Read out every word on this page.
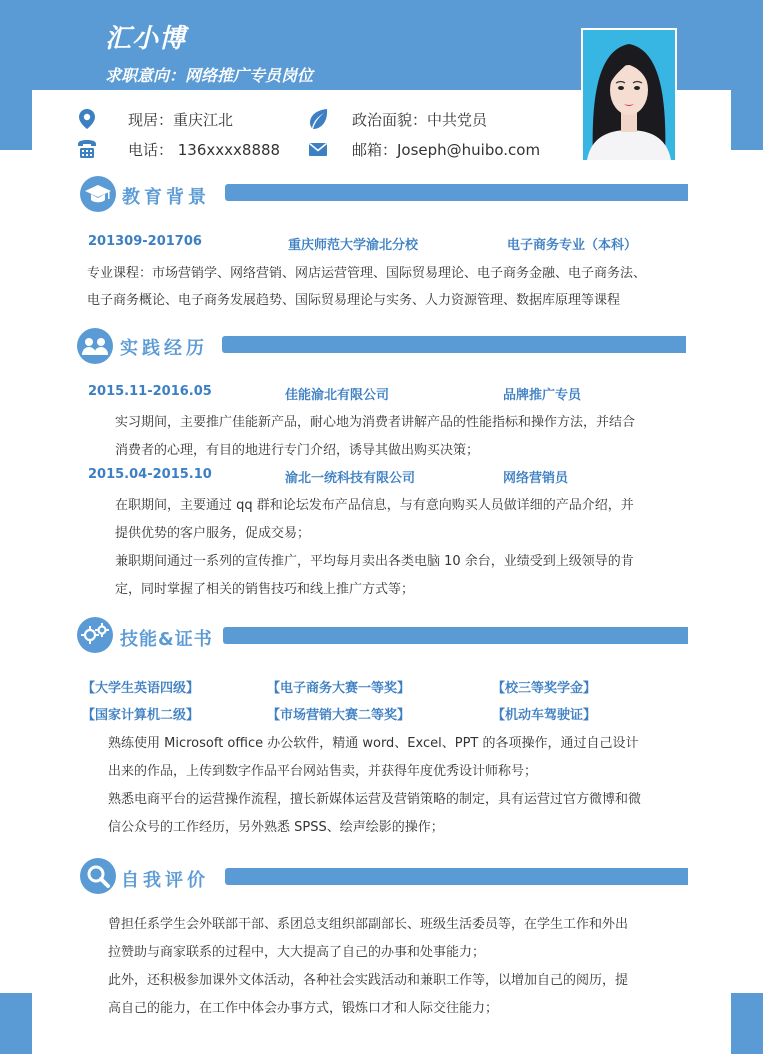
汇小博
求职意向：网络推广专员岗位
现居：重庆江北	政治面貌：中共党员
电话： 136xxxx8888	邮箱：Joseph@huibo.com
教育背景
201309-201706	重庆师范大学渝北分校	电子商务专业（本科）
专业课程：市场营销学、网络营销、网店运营管理、国际贸易理论、电子商务金融、电子商务法、
电子商务概论、电子商务发展趋势、国际贸易理论与实务、人力资源管理、数据库原理等课程
实践经历
2015.11-2016.05	佳能渝北有限公司	品牌推广专员
实习期间，主要推广佳能新产品，耐心地为消费者讲解产品的性能指标和操作方法，并结合
消费者的心理，有目的地进行专门介绍，诱导其做出购买决策；
2015.04-2015.10	渝北一统科技有限公司	网络营销员
在职期间，主要通过 qq 群和论坛发布产品信息，与有意向购买人员做详细的产品介绍，并
提供优势的客户服务，促成交易；
兼职期间通过一系列的宣传推广，平均每月卖出各类电脑 10 余台，业绩受到上级领导的肯
定，同时掌握了相关的销售技巧和线上推广方式等；
技能&证书
【大学生英语四级】	【电子商务大赛一等奖】	【校三等奖学金】
【国家计算机二级】	【市场营销大赛二等奖】	【机动车驾驶证】
熟练使用 Microsoft office 办公软件，精通 word、Excel、PPT 的各项操作，通过自己设计
出来的作品，上传到数字作品平台网站售卖，并获得年度优秀设计师称号；
熟悉电商平台的运营操作流程，擅长新媒体运营及营销策略的制定，具有运营过官方微博和微
信公众号的工作经历，另外熟悉 SPSS、绘声绘影的操作；
自我评价
曾担任系学生会外联部干部、系团总支组织部副部长、班级生活委员等，在学生工作和外出
拉赞助与商家联系的过程中，大大提高了自己的办事和处事能力；
此外，还积极参加课外文体活动，各种社会实践活动和兼职工作等，以增加自己的阅历，提
高自己的能力，在工作中体会办事方式，锻炼口才和人际交往能力；
